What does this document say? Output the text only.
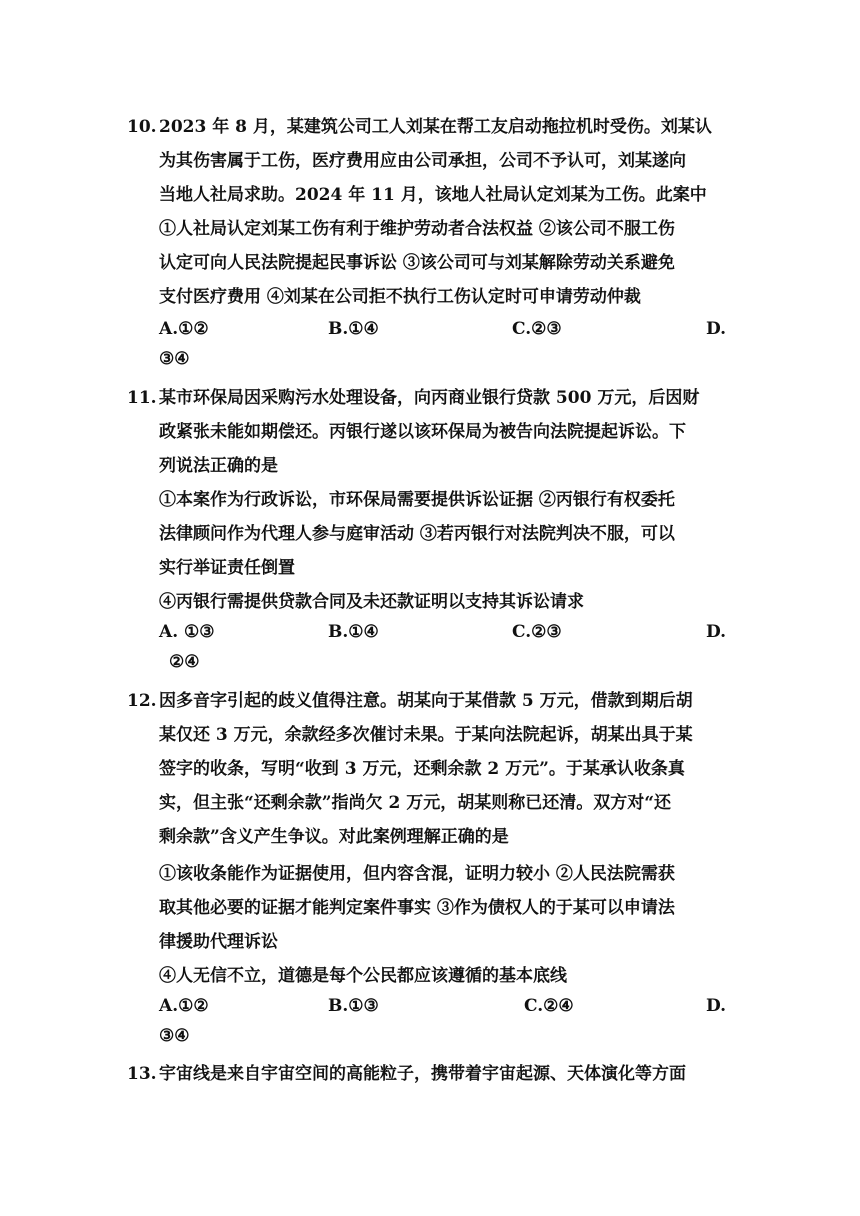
10. 2023 年 8 月，某建筑公司工人刘某在帮工友启动拖拉机时受伤。刘某认
为其伤害属于工伤，医疗费用应由公司承担，公司不予认可，刘某遂向
当地人社局求助。2024 年 11 月，该地人社局认定刘某为工伤。此案中
①人社局认定刘某工伤有利于维护劳动者合法权益 ②该公司不服工伤
认定可向人民法院提起民事诉讼 ③该公司可与刘某解除劳动关系避免
支付医疗费用 ④刘某在公司拒不执行工伤认定时可申请劳动仲裁
A.①②	B.①④	C.②③	D.
③④
11. 某市环保局因采购污水处理设备，向丙商业银行贷款 500 万元，后因财
政紧张未能如期偿还。丙银行遂以该环保局为被告向法院提起诉讼。下
列说法正确的是
①本案作为行政诉讼，市环保局需要提供诉讼证据 ②丙银行有权委托
法律顾问作为代理人参与庭审活动 ③若丙银行对法院判决不服，可以
实行举证责任倒置
④丙银行需提供贷款合同及未还款证明以支持其诉讼请求
A. ①③	B.①④	C.②③	D.
②④
12. 因多音字引起的歧义值得注意。胡某向于某借款 5 万元，借款到期后胡
某仅还 3 万元，余款经多次催讨未果。于某向法院起诉，胡某出具于某
签字的收条，写明“收到 3 万元，还剩余款 2 万元”。于某承认收条真
实，但主张“还剩余款”指尚欠 2 万元，胡某则称已还清。双方对“还
剩余款”含义产生争议。对此案例理解正确的是
①该收条能作为证据使用，但内容含混，证明力较小 ②人民法院需获
取其他必要的证据才能判定案件事实 ③作为债权人的于某可以申请法
律援助代理诉讼
④人无信不立，道德是每个公民都应该遵循的基本底线
A.①②	B.①③	C.②④	D.
③④
13. 宇宙线是来自宇宙空间的高能粒子，携带着宇宙起源、天体演化等方面
